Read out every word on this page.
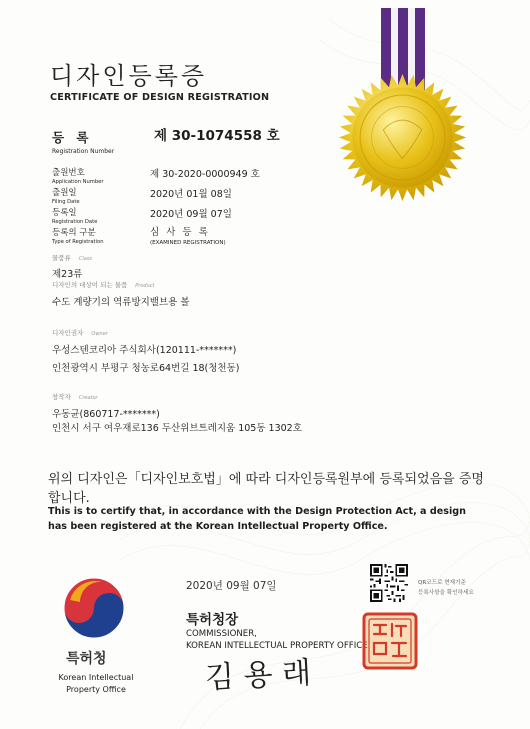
디자인등록증
CERTIFICATE OF DESIGN REGISTRATION
등 록
Registration Number
제 30-1074558 호
출원번호
Application Number
제 30-2020-0000949 호
출원일
Filing Date
2020년 01월 08일
등록일
Registration Date
2020년 09월 07일
등록의 구분
Type of Registration
심 사 등 록
(EXAMINED REGISTRATION)
물품류 Class
제23류
디자인의 대상이 되는 물품 Product
수도 계량기의 역류방지밸브용 볼
디자인권자 Owner
우성스텐코리아 주식회사(120111-*******)
인천광역시 부평구 청농로64번길 18(청천동)
창작자 Creator
우동균(860717-*******)
인천시 서구 여우재로136 두산위브트레지움 105동 1302호
위의 디자인은「디자인보호법」에 따라 디자인등록원부에 등록되었음을 증명합니다.
This is to certify that, in accordance with the Design Protection Act, a design has been registered at the Korean Intellectual Property Office.
특허청
Korean Intellectual Property Office
2020년 09월 07일
특허청장
COMMISSIONER,
KOREAN INTELLECTUAL PROPERTY OFFICE
김 용 래
QR코드로 현재기준
등록사항을 확인하세요
